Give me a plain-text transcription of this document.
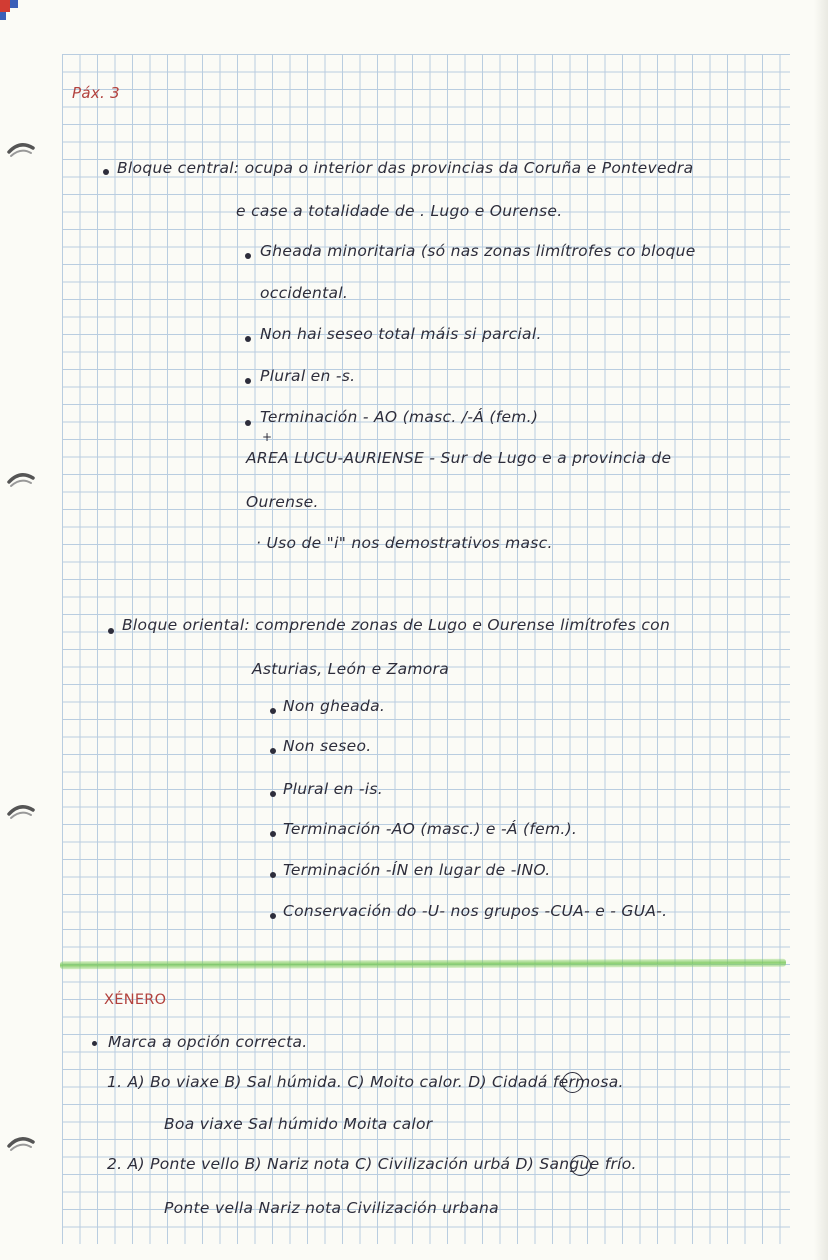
Páx. 3
Bloque central: ocupa o interior das provincias da Coruña e Pontevedra
e case a totalidade de . Lugo e Ourense.
Gheada minoritaria (só nas zonas limítrofes co bloque
occidental.
Non hai seseo total máis si parcial.
Plural en -s.
Terminación - AO (masc. /-Á (fem.)
+
AREA LUCU-AURIENSE - Sur de Lugo e a provincia de
Ourense.
· Uso de "i" nos demostrativos masc.
Bloque oriental: comprende zonas de Lugo e Ourense limítrofes con
Asturias, León e Zamora
Non gheada.
Non seseo.
Plural en -is.
Terminación -AO (masc.) e -Á (fem.).
Terminación -ÍN en lugar de -INO.
Conservación do -U- nos grupos -CUA- e - GUA-.
XÉNERO
Marca a opción correcta.
1. A) Bo viaxe B) Sal húmida. C) Moito calor. D) Cidadá fermosa.
Boa viaxe Sal húmido Moita calor
2. A) Ponte vello B) Nariz nota C) Civilización urbá D) Sangue frío.
Ponte vella Nariz nota Civilización urbana
